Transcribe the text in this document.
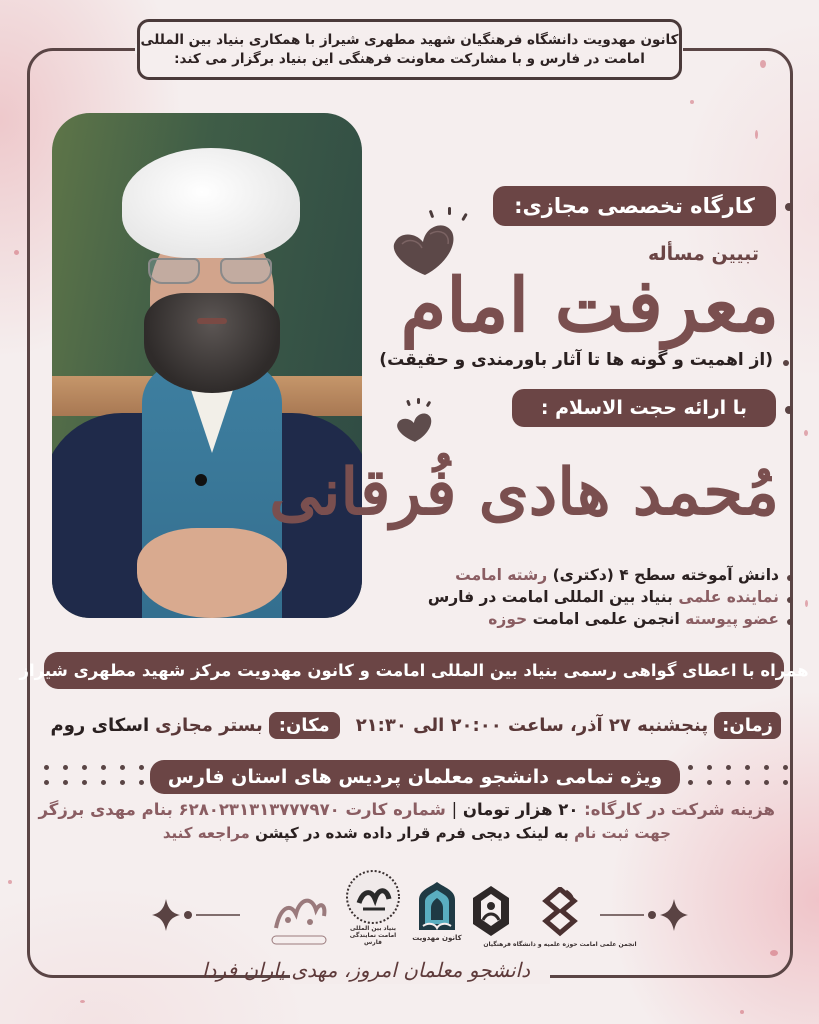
کانون مهدویت دانشگاه فرهنگیان شهید مطهری شیراز با همکاری بنیاد بین المللی
امامت در فارس و با مشارکت معاونت فرهنگی این بنیاد برگزار می کند:
کارگاه تخصصی مجازی:
تبیین مسأله
معرفت امام
(از اهمیت و گونه ها تا آثار باورمندی و حقیقت)
با ارائه حجت الاسلام :
مُحمد هادی فُرقانی
دانش آموخته سطح ۴ (دکتری) رشته امامت
نماینده علمی بنیاد بین المللی امامت در فارس
عضو پیوسته انجمن علمی امامت حوزه
همراه با اعطای گواهی رسمی بنیاد بین المللی امامت و کانون مهدویت مرکز شهید مطهری شیراز
زمان:
پنجشنبه ۲۷ آذر، ساعت ۲۰:۰۰ الی ۲۱:۳۰
مکان:
بستر مجازی
اسکای روم
ویژه تمامی دانشجو معلمان پردیس های استان فارس
هزینه شرکت در کارگاه: ۲۰ هزار تومان | شماره کارت ۶۲۸۰۲۳۱۳۱۳۷۷۷۹۷۰ بنام مهدی برزگر
جهت ثبت نام به لینک دیجی فرم قرار داده شده در کپشن مراجعه کنید
انجمن علمی امامت حوزه علمیه و دانشگاه فرهنگیان
کانون مهدویت
بنیاد بین المللی امامت نمایندگی فارس
دانشجو معلمان امروز، مهدی یاران فردا
